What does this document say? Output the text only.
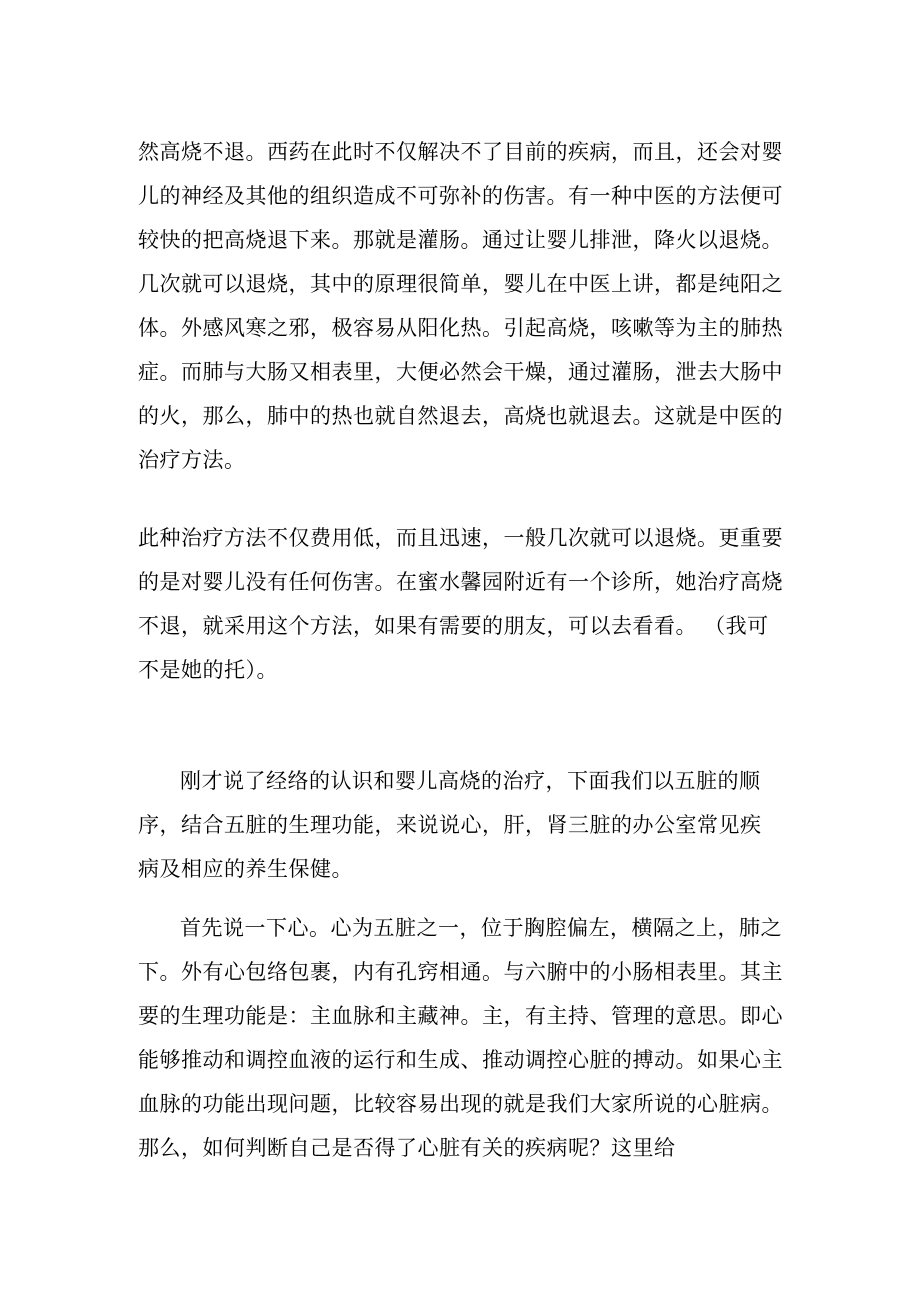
然高烧不退。西药在此时不仅解决不了目前的疾病，而且，还会对婴
儿的神经及其他的组织造成不可弥补的伤害。有一种中医的方法便可
较快的把高烧退下来。那就是灌肠。通过让婴儿排泄，降火以退烧。
几次就可以退烧，其中的原理很简单，婴儿在中医上讲，都是纯阳之
体。外感风寒之邪，极容易从阳化热。引起高烧，咳嗽等为主的肺热
症。而肺与大肠又相表里，大便必然会干燥，通过灌肠，泄去大肠中
的火，那么，肺中的热也就自然退去，高烧也就退去。这就是中医的
治疗方法。
此种治疗方法不仅费用低，而且迅速，一般几次就可以退烧。更重要
的是对婴儿没有任何伤害。在蜜水馨园附近有一个诊所，她治疗高烧
不退，就采用这个方法，如果有需要的朋友，可以去看看。 （我可
不是她的托）。
刚才说了经络的认识和婴儿高烧的治疗，下面我们以五脏的顺
序，结合五脏的生理功能，来说说心，肝，肾三脏的办公室常见疾
病及相应的养生保健。
首先说一下心。心为五脏之一，位于胸腔偏左，横隔之上，肺之
下。外有心包络包裹，内有孔窍相通。与六腑中的小肠相表里。其主
要的生理功能是：主血脉和主藏神。主，有主持、管理的意思。即心
能够推动和调控血液的运行和生成、推动调控心脏的搏动。如果心主
血脉的功能出现问题，比较容易出现的就是我们大家所说的心脏病。
那么，如何判断自己是否得了心脏有关的疾病呢？这里给
